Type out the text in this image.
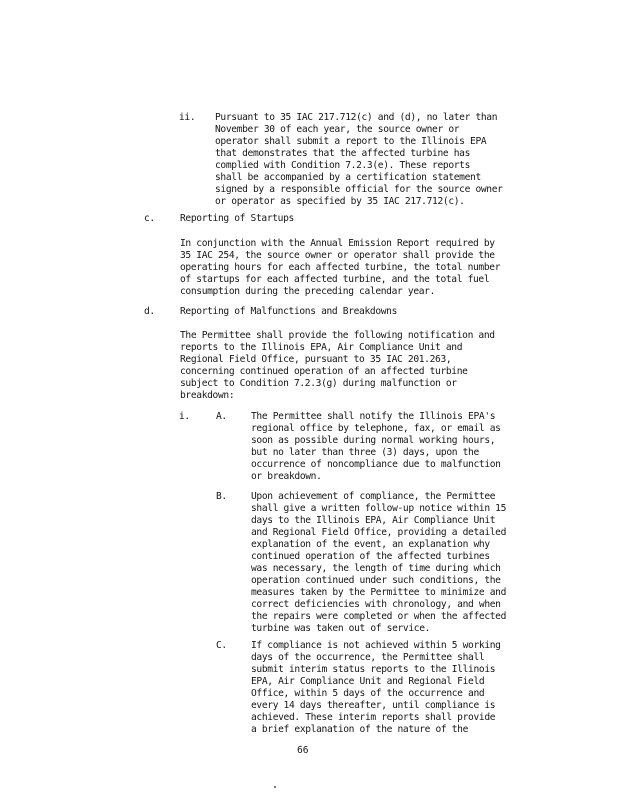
ii. Pursuant to 35 IAC 217.712(c) and (d), no later than
November 30 of each year, the source owner or
operator shall submit a report to the Illinois EPA
that demonstrates that the affected turbine has
complied with Condition 7.2.3(e). These reports
shall be accompanied by a certification statement
signed by a responsible official for the source owner
or operator as specified by 35 IAC 217.712(c).
c.	Reporting of Startups
In conjunction with the Annual Emission Report required by
35 IAC 254, the source owner or operator shall provide the
operating hours for each affected turbine, the total number
of startups for each affected turbine, and the total fuel
consumption during the preceding calendar year.
d.	Reporting of Malfunctions and Breakdowns
The Permittee shall provide the following notification and
reports to the Illinois EPA, Air Compliance Unit and
Regional Field Office, pursuant to 35 IAC 201.263,
concerning continued operation of an affected turbine
subject to Condition 7.2.3(g) during malfunction or
breakdown:
i.	A.	The Permittee shall notify the Illinois EPA's
regional office by telephone, fax, or email as
soon as possible during normal working hours,
but no later than three (3) days, upon the
occurrence of noncompliance due to malfunction
or breakdown.
B.	Upon achievement of compliance, the Permittee
shall give a written follow-up notice within 15
days to the Illinois EPA, Air Compliance Unit
and Regional Field Office, providing a detailed
explanation of the event, an explanation why
continued operation of the affected turbines
was necessary, the length of time during which
operation continued under such conditions, the
measures taken by the Permittee to minimize and
correct deficiencies with chronology, and when
the repairs were completed or when the affected
turbine was taken out of service.
C.	If compliance is not achieved within 5 working
days of the occurrence, the Permittee shall
submit interim status reports to the Illinois
EPA, Air Compliance Unit and Regional Field
Office, within 5 days of the occurrence and
every 14 days thereafter, until compliance is
achieved. These interim reports shall provide
a brief explanation of the nature of the
66
